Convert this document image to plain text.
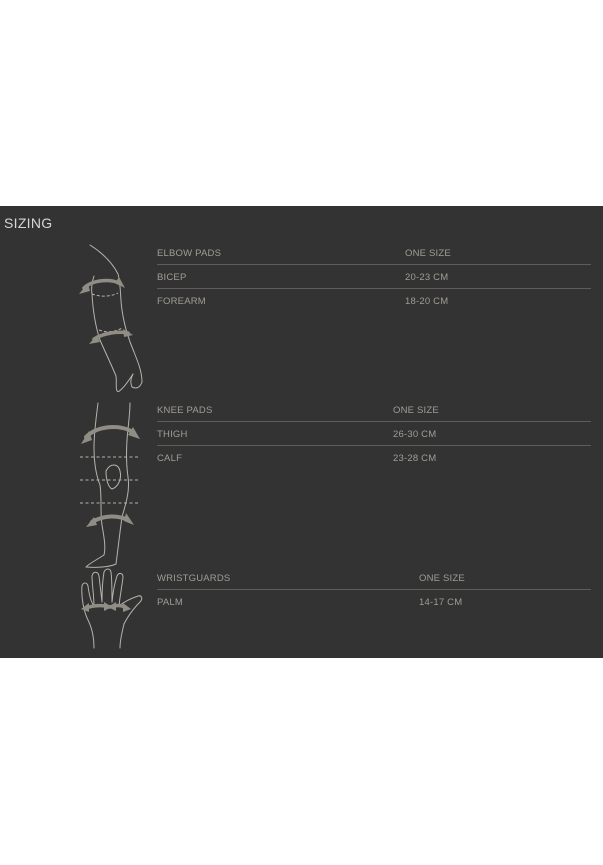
SIZING
ELBOW PADS	ONE SIZE
BICEP	20-23 CM
FOREARM	18-20 CM
KNEE PADS	ONE SIZE
THIGH	26-30 CM
CALF	23-28 CM
WRISTGUARDS	ONE SIZE
PALM	14-17 CM
